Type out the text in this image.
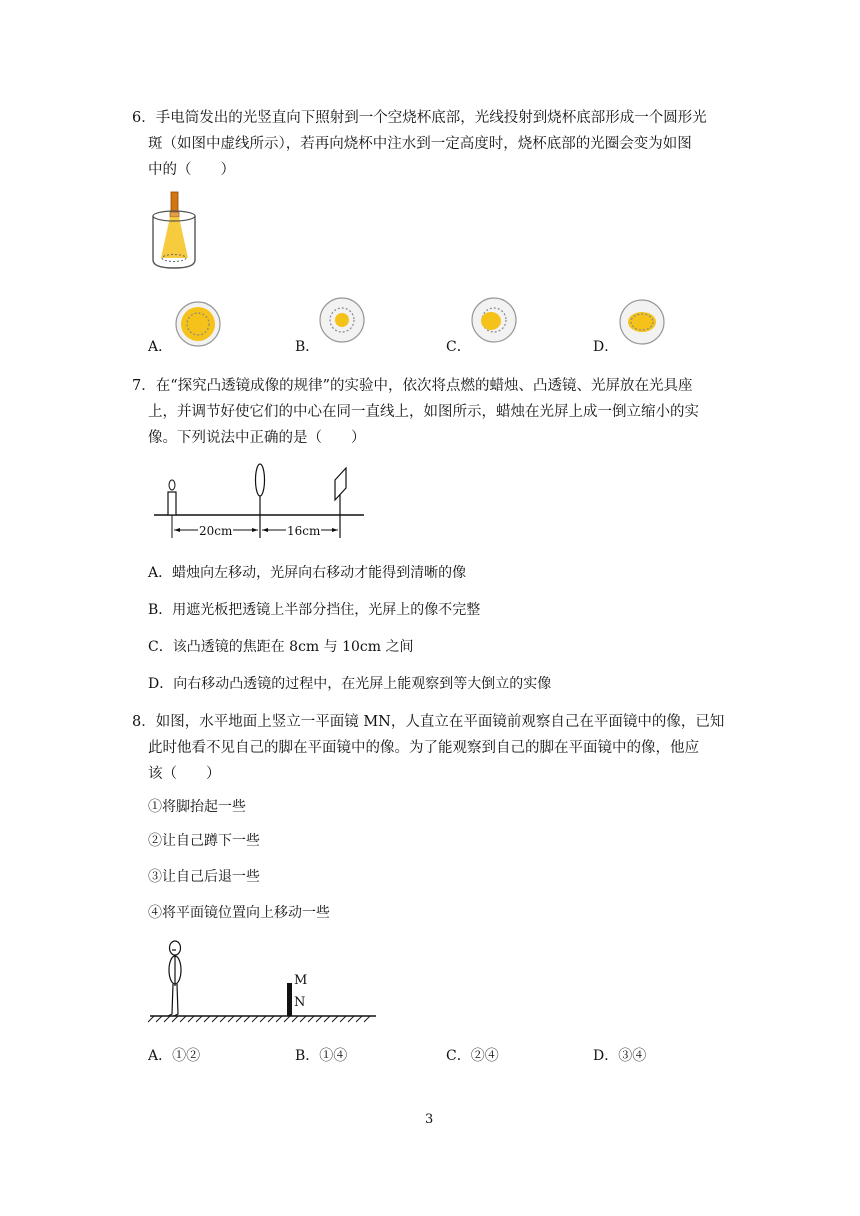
6．手电筒发出的光竖直向下照射到一个空烧杯底部，光线投射到烧杯底部形成一个圆形光
斑（如图中虚线所示），若再向烧杯中注水到一定高度时，烧杯底部的光圈会变为如图
中的（　　）
A．	B．	C．	D．
7．在“探究凸透镜成像的规律”的实验中，依次将点燃的蜡烛、凸透镜、光屏放在光具座
上，并调节好使它们的中心在同一直线上，如图所示，蜡烛在光屏上成一倒立缩小的实
像。下列说法中正确的是（　　）
20cm	16cm
A．蜡烛向左移动，光屏向右移动才能得到清晰的像
B．用遮光板把透镜上半部分挡住，光屏上的像不完整
C．该凸透镜的焦距在 8cm 与 10cm 之间
D．向右移动凸透镜的过程中，在光屏上能观察到等大倒立的实像
8．如图，水平地面上竖立一平面镜 MN，人直立在平面镜前观察自己在平面镜中的像，已知
此时他看不见自己的脚在平面镜中的像。为了能观察到自己的脚在平面镜中的像，他应
该（　　）
①将脚抬起一些
②让自己蹲下一些
③让自己后退一些
④将平面镜位置向上移动一些
M
N
A．①②	B．①④	C．②④	D．③④
3
